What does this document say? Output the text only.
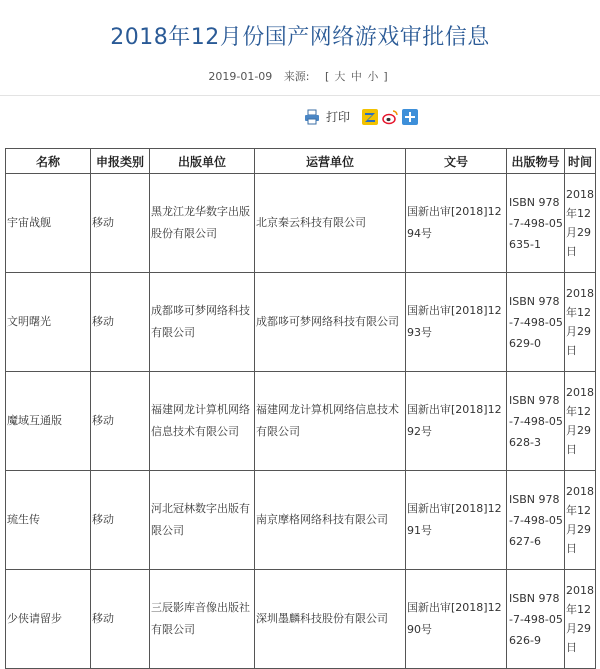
2018年12月份国产网络游戏审批信息
2019-01-09 来源: [ 大 中 小 ]
打印
名称	申报类别	出版单位	运营单位	文号	出版物号	时间
宇宙战舰	移动	黑龙江龙华数字出版股份有限公司	北京秦云科技有限公司	国新出审[2018]1294号	ISBN 978-7-498-05635-1	2018年12月29日
文明曙光	移动	成都哆可梦网络科技有限公司	成都哆可梦网络科技有限公司	国新出审[2018]1293号	ISBN 978-7-498-05629-0	2018年12月29日
魔域互通版	移动	福建网龙计算机网络信息技术有限公司	福建网龙计算机网络信息技术有限公司	国新出审[2018]1292号	ISBN 978-7-498-05628-3	2018年12月29日
琉生传	移动	河北冠林数字出版有限公司	南京摩格网络科技有限公司	国新出审[2018]1291号	ISBN 978-7-498-05627-6	2018年12月29日
少侠请留步	移动	三辰影库音像出版社有限公司	深圳墨麟科技股份有限公司	国新出审[2018]1290号	ISBN 978-7-498-05626-9	2018年12月29日
